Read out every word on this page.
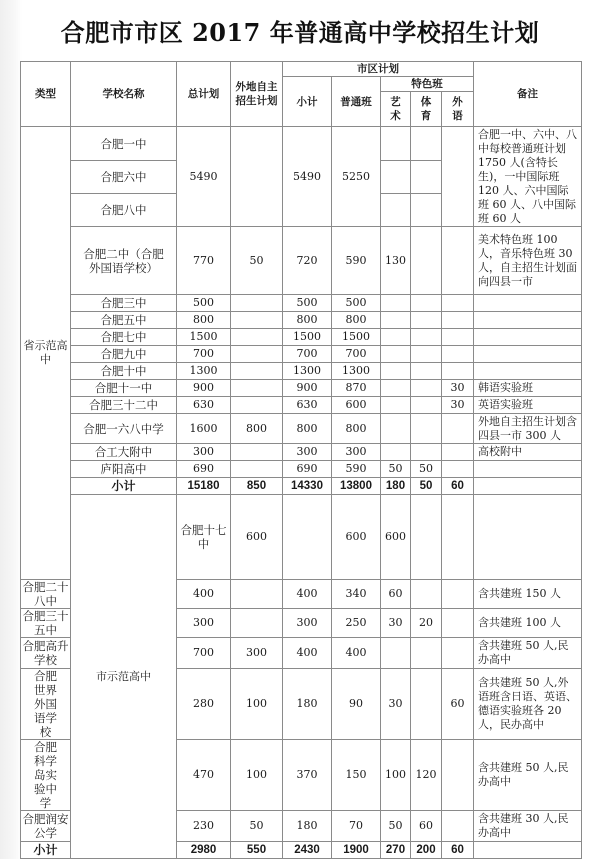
合肥市市区 2017 年普通高中学校招生计划
类型	学校名称	总计划	外地自主招生计划	市区计划					备注	
				小计	普通班	特色班				
						艺术	体育	外语		
省示范高中	合肥一中	5490		5490	5250				合肥一中、六中、八中每校普通班计划 1750 人(含特长生)，一中国际班 120 人、六中国际班 60 人、八中国际班 60 人	
	合肥六中									
	合肥八中									
	合肥二中（合肥外国语学校）	770	50	720	590	130			美术特色班 100 人，音乐特色班 30 人，自主招生计划面向四县一市	
	合肥三中	500		500	500					
	合肥五中	800		800	800					
	合肥七中	1500		1500	1500					
	合肥九中	700		700	700					
	合肥十中	1300		1300	1300					
	合肥十一中	900		900	870			30	韩语实验班	
	合肥三十二中	630		630	600			30	英语实验班	
	合肥一六八中学	1600	800	800	800				外地自主招生计划含四县一市 300 人	
	合工大附中	300		300	300				高校附中	
	庐阳高中	690		690	590	50	50			
	小计	15180	850	14330	13800	180	50	60		
	市示范高中	合肥十七中	600		600	600				
合肥二十八中		400		400	340	60			含共建班 150 人	
合肥三十五中		300		300	250	30	20		含共建班 100 人	
合肥高升学校		700	300	400	400				含共建班 50 人,民办高中	
合肥世界外国语学校		280	100	180	90	30		60	含共建班 50 人,外语班含日语、英语、德语实验班各 20 人，民办高中	
合肥科学岛实验中学		470	100	370	150	100	120		含共建班 50 人,民办高中	
合肥润安公学		230	50	180	70	50	60		含共建班 30 人,民办高中	
小计		2980	550	2430	1900	270	200	60		
